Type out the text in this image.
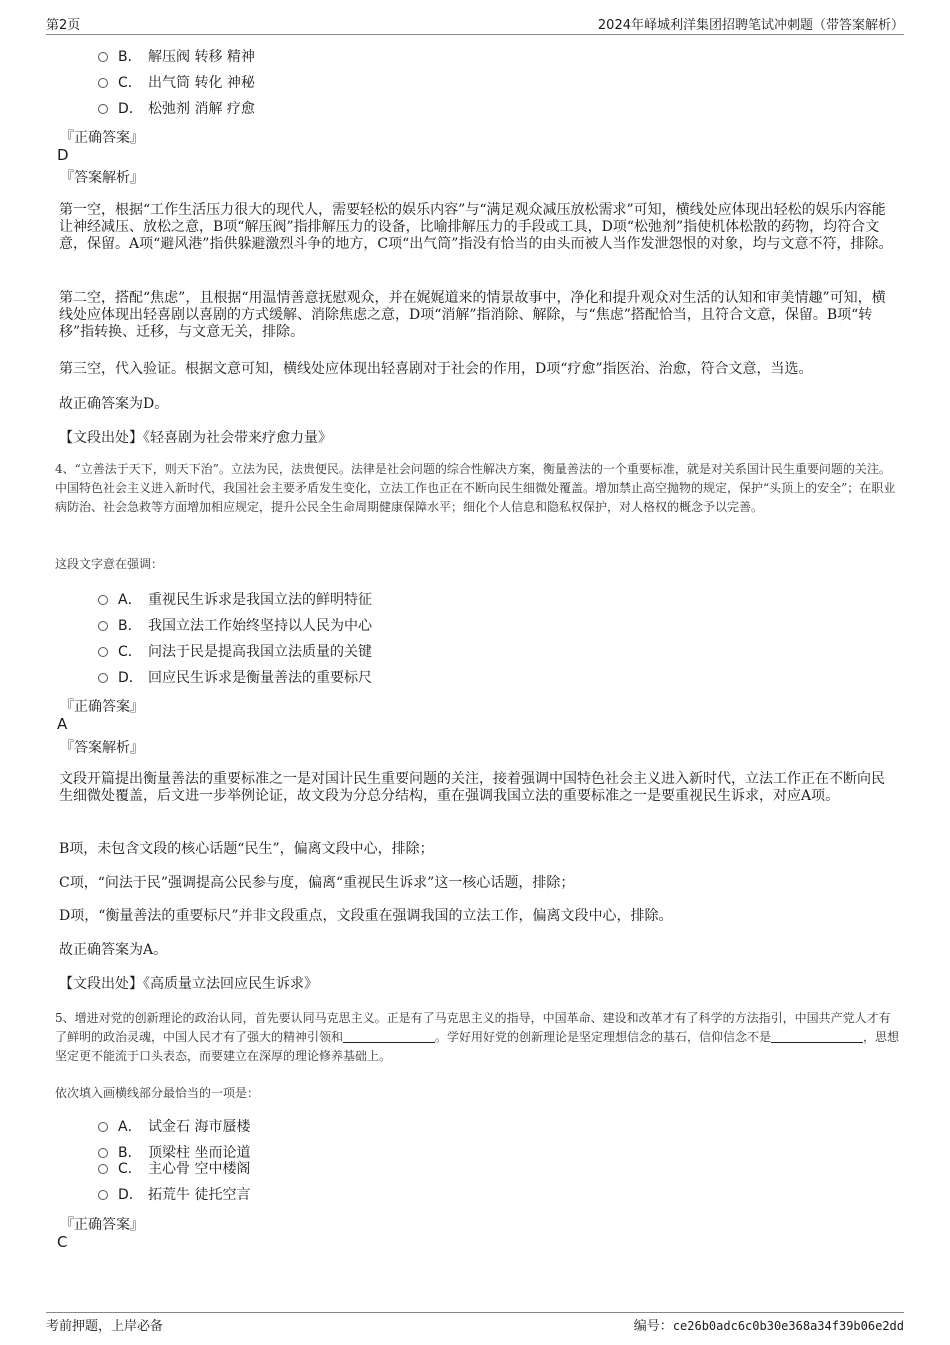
第2页	2024年峄城利洋集团招聘笔试冲刺题（带答案解析）
B． 解压阀 转移 精神
C． 出气筒 转化 神秘
D． 松弛剂 消解 疗愈
『正确答案』
D
『答案解析』
第一空，根据“工作生活压力很大的现代人，需要轻松的娱乐内容”与“满足观众减压放松需求”可知，横线处应体现出轻松的娱乐内容能让神经减压、放松之意，B项“解压阀”指排解压力的设备，比喻排解压力的手段或工具，D项“松弛剂”指使机体松散的药物，均符合文意，保留。A项“避风港”指供躲避激烈斗争的地方，C项“出气筒”指没有恰当的由头而被人当作发泄怨恨的对象，均与文意不符，排除。
第二空，搭配“焦虑”，且根据“用温情善意抚慰观众，并在娓娓道来的情景故事中，净化和提升观众对生活的认知和审美情趣”可知，横线处应体现出轻喜剧以喜剧的方式缓解、消除焦虑之意，D项“消解”指消除、解除，与“焦虑”搭配恰当，且符合文意，保留。B项“转移”指转换、迁移，与文意无关，排除。
第三空，代入验证。根据文意可知，横线处应体现出轻喜剧对于社会的作用，D项“疗愈”指医治、治愈，符合文意，当选。
故正确答案为D。
【文段出处】《轻喜剧为社会带来疗愈力量》
4、“立善法于天下，则天下治”。立法为民，法贵便民。法律是社会问题的综合性解决方案，衡量善法的一个重要标准，就是对关系国计民生重要问题的关注。中国特色社会主义进入新时代，我国社会主要矛盾发生变化，立法工作也正在不断向民生细微处覆盖。增加禁止高空抛物的规定，保护“头顶上的安全”；在职业病防治、社会急救等方面增加相应规定，提升公民全生命周期健康保障水平；细化个人信息和隐私权保护，对人格权的概念予以完善。
这段文字意在强调：
A． 重视民生诉求是我国立法的鲜明特征
B． 我国立法工作始终坚持以人民为中心
C． 问法于民是提高我国立法质量的关键
D． 回应民生诉求是衡量善法的重要标尺
『正确答案』
A
『答案解析』
文段开篇提出衡量善法的重要标准之一是对国计民生重要问题的关注，接着强调中国特色社会主义进入新时代，立法工作正在不断向民生细微处覆盖，后文进一步举例论证，故文段为分总分结构，重在强调我国立法的重要标准之一是要重视民生诉求，对应A项。
B项，未包含文段的核心话题“民生”，偏离文段中心，排除；
C项，“问法于民”强调提高公民参与度，偏离“重视民生诉求”这一核心话题，排除；
D项，“衡量善法的重要标尺”并非文段重点，文段重在强调我国的立法工作，偏离文段中心，排除。
故正确答案为A。
【文段出处】《高质量立法回应民生诉求》
5、增进对党的创新理论的政治认同，首先要认同马克思主义。正是有了马克思主义的指导，中国革命、建设和改革才有了科学的方法指引，中国共产党人才有了鲜明的政治灵魂，中国人民才有了强大的精神引领和	。学好用好党的创新理论是坚定理想信念的基石，信仰信念不是	，思想坚定更不能流于口头表态，而要建立在深厚的理论修养基础上。
依次填入画横线部分最恰当的一项是：
A． 试金石 海市蜃楼
B． 顶梁柱 坐而论道
C． 主心骨 空中楼阁
D． 拓荒牛 徒托空言
『正确答案』
C
考前押题，上岸必备	编号：ce26b0adc6c0b30e368a34f39b06e2dd
